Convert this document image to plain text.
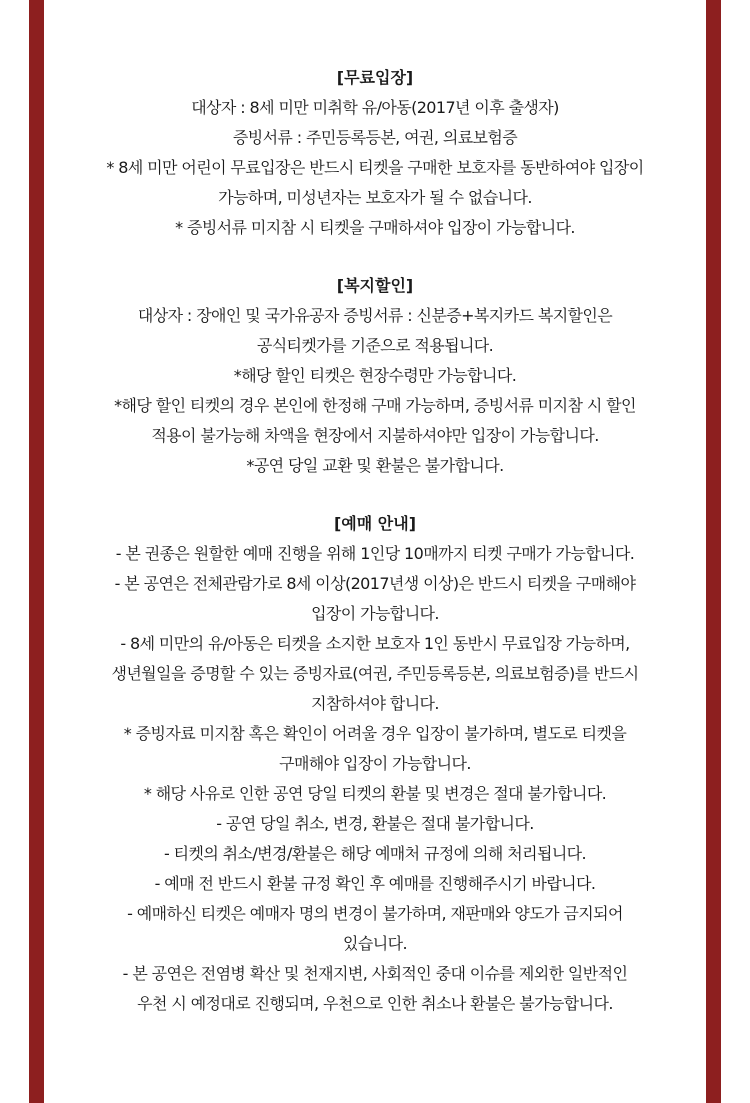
[무료입장]
대상자 : 8세 미만 미취학 유/아동(2017년 이후 출생자)
증빙서류 : 주민등록등본, 여권, 의료보험증
* 8세 미만 어린이 무료입장은 반드시 티켓을 구매한 보호자를 동반하여야 입장이
가능하며, 미성년자는 보호자가 될 수 없습니다.
* 증빙서류 미지참 시 티켓을 구매하셔야 입장이 가능합니다.
[복지할인]
대상자 : 장애인 및 국가유공자 증빙서류 : 신분증+복지카드 복지할인은
공식티켓가를 기준으로 적용됩니다.
*해당 할인 티켓은 현장수령만 가능합니다.
*해당 할인 티켓의 경우 본인에 한정해 구매 가능하며, 증빙서류 미지참 시 할인
적용이 불가능해 차액을 현장에서 지불하셔야만 입장이 가능합니다.
*공연 당일 교환 및 환불은 불가합니다.
[예매 안내]
- 본 권종은 원할한 예매 진행을 위해 1인당 10매까지 티켓 구매가 가능합니다.
- 본 공연은 전체관람가로 8세 이상(2017년생 이상)은 반드시 티켓을 구매해야
입장이 가능합니다.
- 8세 미만의 유/아동은 티켓을 소지한 보호자 1인 동반시 무료입장 가능하며,
생년월일을 증명할 수 있는 증빙자료(여권, 주민등록등본, 의료보험증)를 반드시
지참하셔야 합니다.
* 증빙자료 미지참 혹은 확인이 어려울 경우 입장이 불가하며, 별도로 티켓을
구매해야 입장이 가능합니다.
* 해당 사유로 인한 공연 당일 티켓의 환불 및 변경은 절대 불가합니다.
- 공연 당일 취소, 변경, 환불은 절대 불가합니다.
- 티켓의 취소/변경/환불은 해당 예매처 규정에 의해 처리됩니다.
- 예매 전 반드시 환불 규정 확인 후 예매를 진행해주시기 바랍니다.
- 예매하신 티켓은 예매자 명의 변경이 불가하며, 재판매와 양도가 금지되어
있습니다.
- 본 공연은 전염병 확산 및 천재지변, 사회적인 중대 이슈를 제외한 일반적인
우천 시 예정대로 진행되며, 우천으로 인한 취소나 환불은 불가능합니다.
